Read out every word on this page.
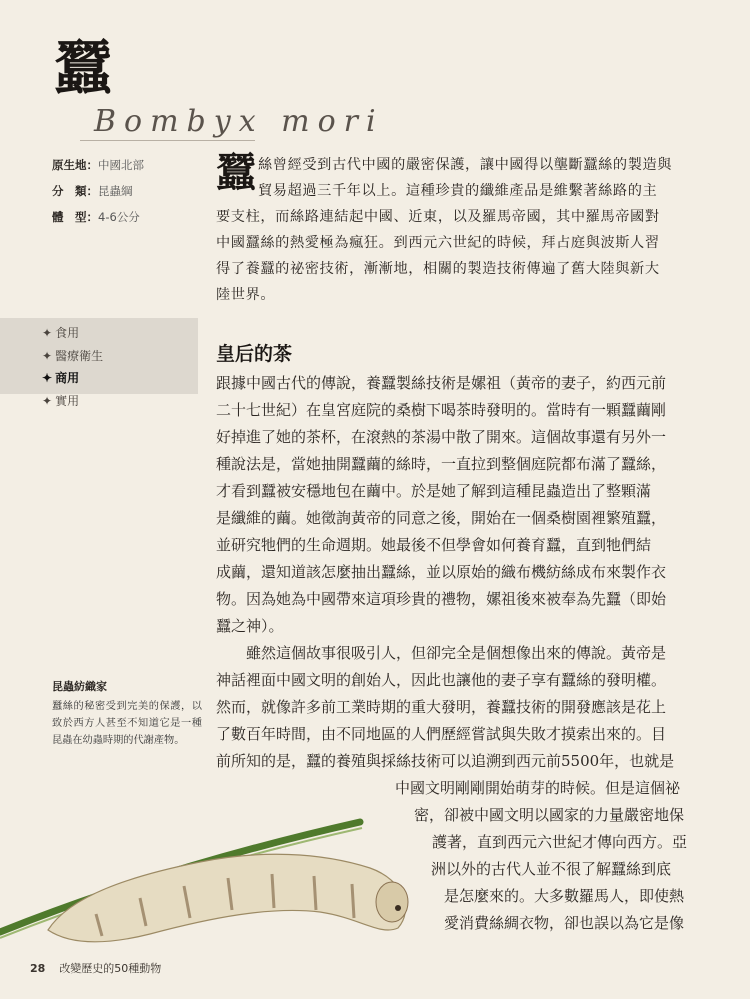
蠶
Bombyx mori
原生地：中國北部
分　類：昆蟲綱
體　型：4-6公分
✦ 食用
✦ 醫療衛生
✦ 商用
✦ 實用
蠶 絲曾經受到古代中國的嚴密保護，讓中國得以壟斷蠶絲的製造與
貿易超過三千年以上。這種珍貴的纖維產品是維繫著絲路的主
要支柱，而絲路連結起中國、近東，以及羅馬帝國，其中羅馬帝國對
中國蠶絲的熱愛極為瘋狂。到西元六世紀的時候，拜占庭與波斯人習
得了養蠶的祕密技術，漸漸地，相關的製造技術傳遍了舊大陸與新大
陸世界。
皇后的茶
跟據中國古代的傳說，養蠶製絲技術是嫘祖（黃帝的妻子，約西元前
二十七世紀）在皇宮庭院的桑樹下喝茶時發明的。當時有一顆蠶繭剛
好掉進了她的茶杯，在滾熱的茶湯中散了開來。這個故事還有另外一
種說法是，當她抽開蠶繭的絲時，一直拉到整個庭院都布滿了蠶絲，
才看到蠶被安穩地包在繭中。於是她了解到這種昆蟲造出了整顆滿
是纖維的繭。她徵詢黃帝的同意之後，開始在一個桑樹園裡繁殖蠶，
並研究牠們的生命週期。她最後不但學會如何養育蠶，直到牠們結
成繭，還知道該怎麼抽出蠶絲，並以原始的織布機紡絲成布來製作衣
物。因為她為中國帶來這項珍貴的禮物，嫘祖後來被奉為先蠶（即始
蠶之神）。
　　雖然這個故事很吸引人，但卻完全是個想像出來的傳說。黃帝是
神話裡面中國文明的創始人，因此也讓他的妻子享有蠶絲的發明權。
然而，就像許多前工業時期的重大發明，養蠶技術的開發應該是花上
了數百年時間，由不同地區的人們歷經嘗試與失敗才摸索出來的。目
前所知的是，蠶的養殖與採絲技術可以追溯到西元前5500年，也就是
中國文明剛剛開始萌芽的時候。但是這個祕
密，卻被中國文明以國家的力量嚴密地保
護著，直到西元六世紀才傳向西方。亞
洲以外的古代人並不很了解蠶絲到底
是怎麼來的。大多數羅馬人，即使熱
愛消費絲綢衣物，卻也誤以為它是像
昆蟲紡織家
蠶絲的秘密受到完美的保護，以致於西方人甚至不知道它是一種昆蟲在幼蟲時期的代謝產物。
28 改變歷史的50種動物
